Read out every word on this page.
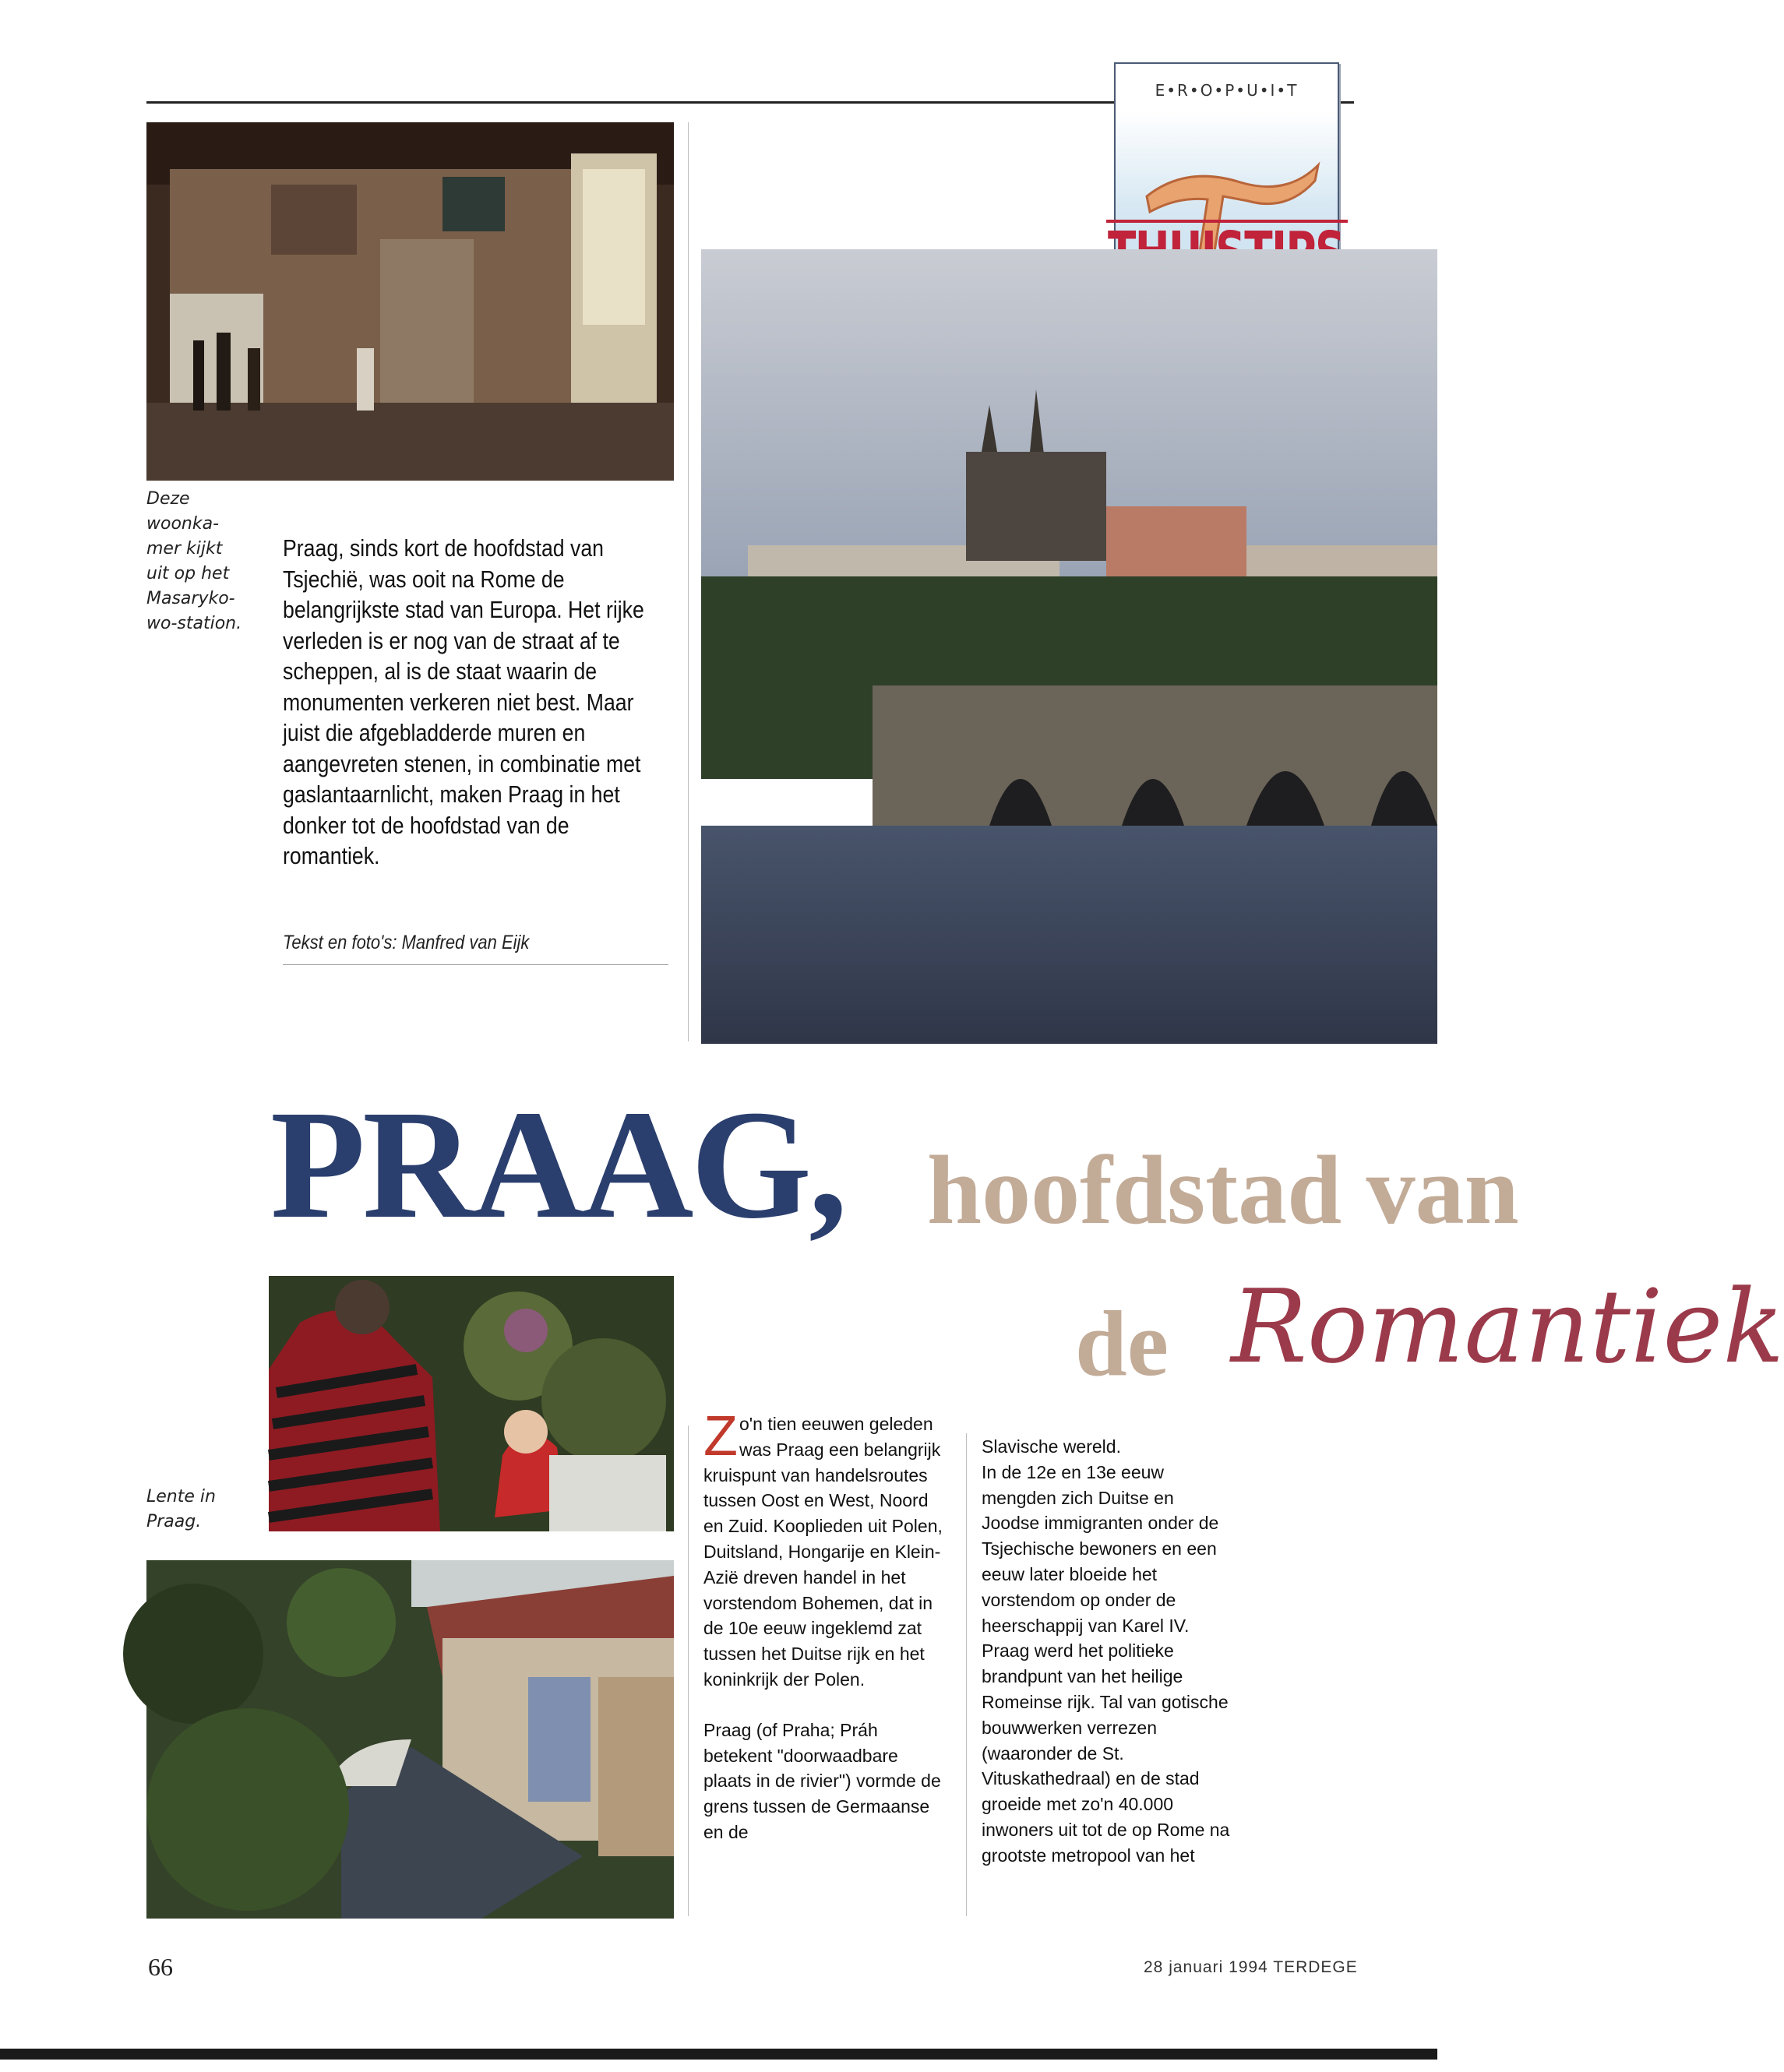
E•R•O•P•U•I•T
Deze
woonka-
mer kijkt
uit op het
Masaryko-
wo-station.
Praag, sinds kort de hoofdstad van Tsjechië, was ooit na Rome de belangrijkste stad van Europa. Het rijke verleden is er nog van de straat af te scheppen, al is de staat waarin de monumenten verkeren niet best. Maar juist die afgebladderde muren en aangevreten stenen, in combinatie met gaslantaarnlicht, maken Praag in het donker tot de hoofdstad van de romantiek.
Tekst en foto's: Manfred van Eijk
PRAAG, hoofdstad van
de Romantiek
Lente in
Praag.

Zo'n tien eeuwen geleden was Praag een belangrijk kruispunt van handelsroutes tussen Oost en West, Noord en Zuid. Kooplieden uit Polen, Duitsland, Hongarije en Klein-Azië dreven handel in het vorstendom Bohemen, dat in de 10e eeuw ingeklemd zat tussen het Duitse rijk en het koninkrijk der Polen.

Praag (of Praha; Práh betekent "doorwaadbare plaats in de rivier") vormde de grens tussen de Germaanse en de

Slavische wereld.

In de 12e en 13e eeuw mengden zich Duitse en Joodse immigranten onder de Tsjechische bewoners en een eeuw later bloeide het vorstendom op onder de heerschappij van Karel IV. Praag werd het politieke brandpunt van het heilige Romeinse rijk. Tal van gotische bouwwerken verrezen (waaronder de St. Vituskathedraal) en de stad groeide met zo'n 40.000 inwoners uit tot de op Rome na grootste metropool van het

66	28 januari 1994 TERDEGE
